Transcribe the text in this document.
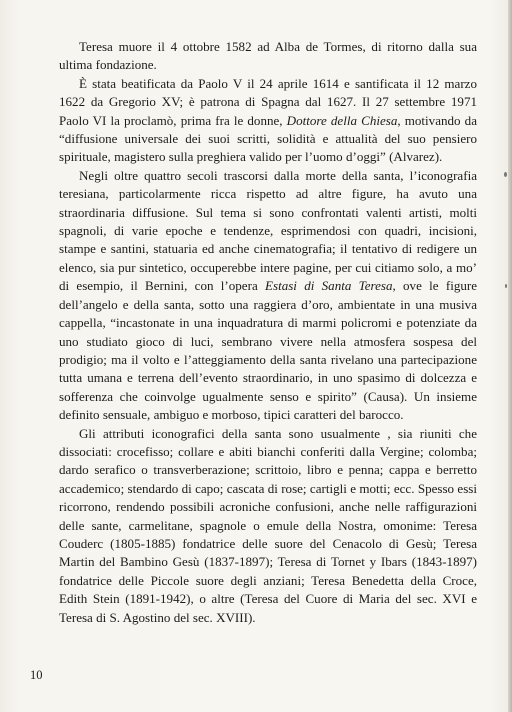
Teresa muore il 4 ottobre 1582 ad Alba de Tormes, di ritorno dalla sua ultima fondazione.

È stata beatificata da Paolo V il 24 aprile 1614 e santificata il 12 marzo 1622 da Gregorio XV; è patrona di Spagna dal 1627. Il 27 settembre 1971 Paolo VI la proclamò, prima fra le donne, Dottore della Chiesa, motivando da “diffusione universale dei suoi scritti, solidità e attualità del suo pensiero spirituale, magistero sulla preghiera valido per l’uomo d’oggi” (Alvarez).

Negli oltre quattro secoli trascorsi dalla morte della santa, l’iconografia teresiana, particolarmente ricca rispetto ad altre figure, ha avuto una straordinaria diffusione. Sul tema si sono confrontati valenti artisti, molti spagnoli, di varie epoche e tendenze, esprimendosi con quadri, incisioni, stampe e santini, statuaria ed anche cinematografia; il tentativo di redigere un elenco, sia pur sintetico, occuperebbe intere pagine, per cui citiamo solo, a mo’ di esempio, il Bernini, con l’opera Estasi di Santa Teresa, ove le figure dell’angelo e della santa, sotto una raggiera d’oro, ambientate in una musiva cappella, “incastonate in una inquadratura di marmi policromi e potenziate da uno studiato gioco di luci, sembrano vivere nella atmosfera sospesa del prodigio; ma il volto e l’atteggiamento della santa rivelano una partecipazione tutta umana e terrena dell’evento straordinario, in uno spasimo di dolcezza e sofferenza che coinvolge ugualmente senso e spirito” (Causa). Un insieme definito sensuale, ambiguo e morboso, tipici caratteri del barocco.

Gli attributi iconografici della santa sono usualmente , sia riuniti che dissociati: crocefisso; collare e abiti bianchi conferiti dalla Vergine; colomba; dardo serafico o transverberazione; scrittoio, libro e penna; cappa e berretto accademico; stendardo di capo; cascata di rose; cartigli e motti; ecc. Spesso essi ricorrono, rendendo possibili acroniche confusioni, anche nelle raffigurazioni delle sante, carmelitane, spagnole o emule della Nostra, omonime: Teresa Couderc (1805-1885) fondatrice delle suore del Cenacolo di Gesù; Teresa Martin del Bambino Gesù (1837-1897); Teresa di Tornet y Ibars (1843-1897) fondatrice delle Piccole suore degli anziani; Teresa Benedetta della Croce, Edith Stein (1891-1942), o altre (Teresa del Cuore di Maria del sec. XVI e Teresa di S. Agostino del sec. XVIII).

10
